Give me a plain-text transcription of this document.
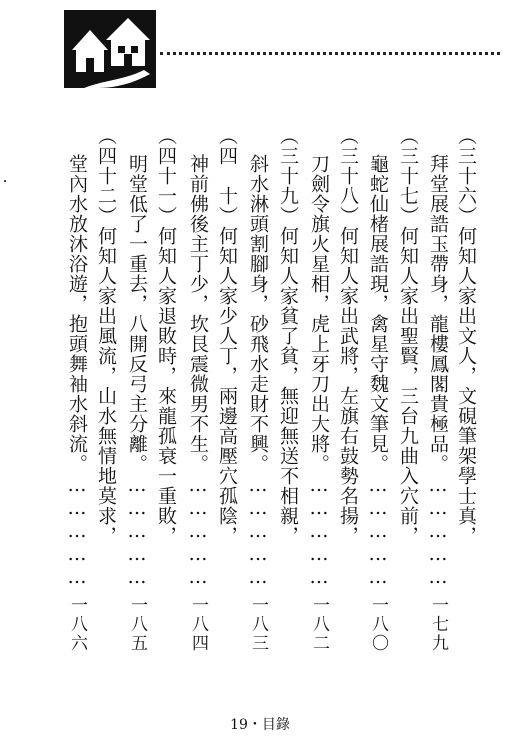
（三十六）何知人家出文人，文硯筆架學士真，
拜堂展誥玉帶身，龍樓鳳閣貴極品。……………
一七九
（三十七）何知人家出聖賢，三台九曲入穴前，
龜蛇仙楮展誥現，禽星守魏文筆見。……………
一八〇
（三十八）何知人家出武將，左旗右鼓勢名揚，
刀劍令旗火星相，虎上牙刀出大將。……………
一八二
（三十九）何知人家貧了貧，無迎無送不相親，
斜水淋頭割腳身，砂飛水走財不興。……………
一八三
（四　十）何知人家少人丁，兩邊高壓穴孤陰，
神前佛後主丁少，坎艮震微男不生。……………
一八四
（四十一）何知人家退敗時，來龍孤衰一重敗，
明堂低了一重去，八開反弓主分離。……………
一八五
（四十二）何知人家出風流，山水無情地莫求，
堂內水放沐浴遊，抱頭舞袖水斜流。……………
一八六
19・目錄
